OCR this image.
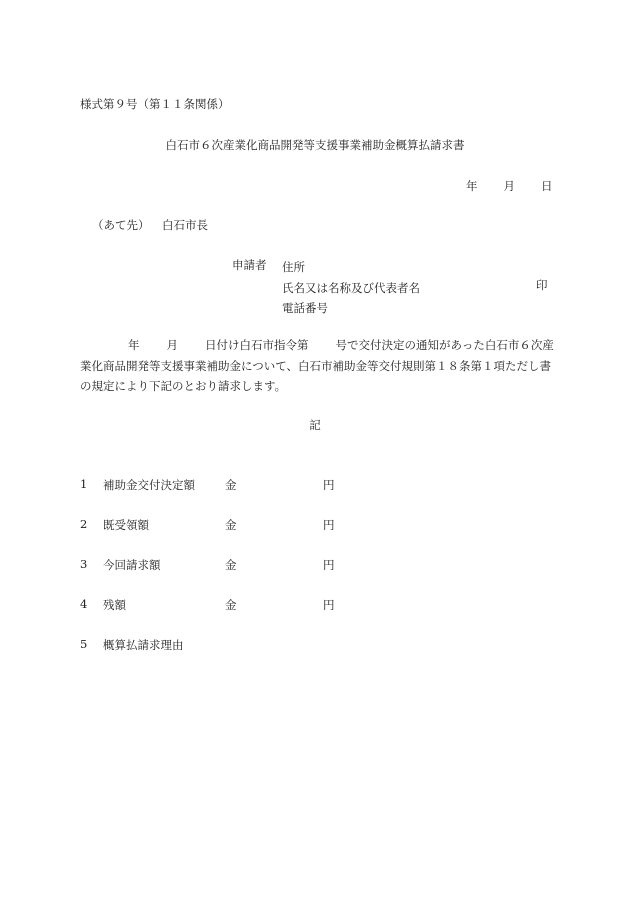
様式第９号（第１１条関係）
白石市６次産業化商品開発等支援事業補助金概算払請求書
年 月 日
（あて先） 白石市長
申請者 住所
氏名又は名称及び代表者名
電話番号
印

年 月 日付け白石市指令第 号で交付決定の通知があった白石市６次産業化商品開発等支援事業補助金について、白石市補助金等交付規則第１８条第１項ただし書の規定により下記のとおり請求します。

記
1	補助金交付決定額	金	円
2	既受領額	金	円
3	今回請求額	金	円
4	残額	金	円
5	概算払請求理由
